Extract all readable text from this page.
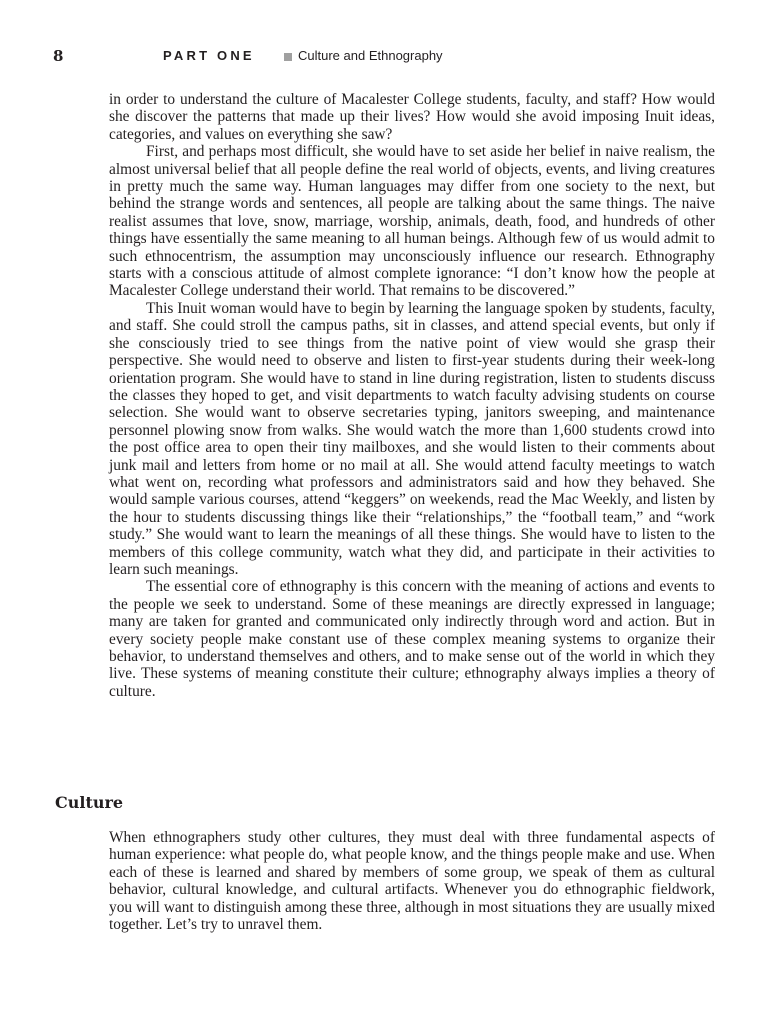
8	PART ONE	Culture and Ethnography

in order to understand the culture of Macalester College students, faculty, and staff? How would she discover the patterns that made up their lives? How would she avoid imposing Inuit ideas, categories, and values on everything she saw?

First, and perhaps most difficult, she would have to set aside her belief in naive realism, the almost universal belief that all people define the real world of objects, events, and living creatures in pretty much the same way. Human languages may differ from one society to the next, but behind the strange words and sentences, all people are talking about the same things. The naive realist assumes that love, snow, marriage, worship, animals, death, food, and hundreds of other things have essentially the same meaning to all human beings. Although few of us would admit to such ethnocentrism, the assumption may unconsciously influence our research. Ethnography starts with a conscious attitude of almost complete ignorance: “I don’t know how the people at Macalester College understand their world. That remains to be discovered.”

This Inuit woman would have to begin by learning the language spoken by students, faculty, and staff. She could stroll the campus paths, sit in classes, and attend special events, but only if she consciously tried to see things from the native point of view would she grasp their perspective. She would need to observe and listen to first-year students during their week-long orientation program. She would have to stand in line during registration, listen to students discuss the classes they hoped to get, and visit departments to watch faculty advising students on course selection. She would want to observe secretaries typing, janitors sweeping, and maintenance personnel plowing snow from walks. She would watch the more than 1,600 students crowd into the post office area to open their tiny mailboxes, and she would listen to their comments about junk mail and letters from home or no mail at all. She would attend faculty meetings to watch what went on, recording what professors and administrators said and how they behaved. She would sample various courses, attend “keggers” on weekends, read the Mac Weekly, and listen by the hour to students discussing things like their “relationships,” the “football team,” and “work study.” She would want to learn the meanings of all these things. She would have to listen to the members of this college community, watch what they did, and participate in their activities to learn such meanings.

The essential core of ethnography is this concern with the meaning of actions and events to the people we seek to understand. Some of these meanings are directly expressed in language; many are taken for granted and communicated only indirectly through word and action. But in every society people make constant use of these complex meaning systems to organize their behavior, to understand themselves and others, and to make sense out of the world in which they live. These systems of meaning constitute their culture; ethnography always implies a theory of culture.

Culture

When ethnographers study other cultures, they must deal with three fundamental aspects of human experience: what people do, what people know, and the things people make and use. When each of these is learned and shared by members of some group, we speak of them as cultural behavior, cultural knowledge, and cultural artifacts. Whenever you do ethnographic fieldwork, you will want to distinguish among these three, although in most situations they are usually mixed together. Let’s try to unravel them.
